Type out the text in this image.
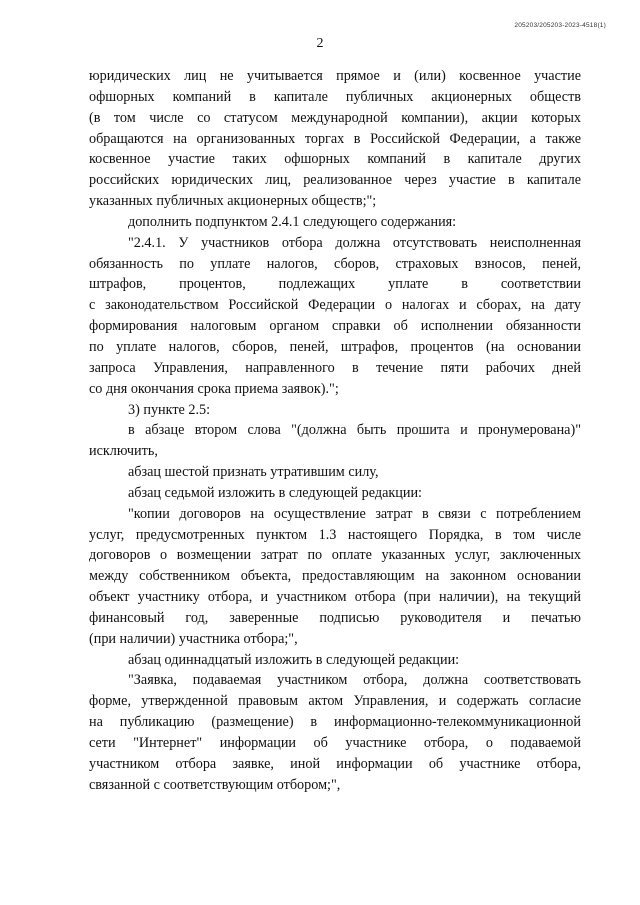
205203/205203-2023-4518(1)
2
юридических лиц не учитывается прямое и (или) косвенное участие
офшорных компаний в капитале публичных акционерных обществ
(в том числе со статусом международной компании), акции которых
обращаются на организованных торгах в Российской Федерации, а также
косвенное участие таких офшорных компаний в капитале других
российских юридических лиц, реализованное через участие в капитале
указанных публичных акционерных обществ;";
дополнить подпунктом 2.4.1 следующего содержания:
"2.4.1. У участников отбора должна отсутствовать неисполненная
обязанность по уплате налогов, сборов, страховых взносов, пеней,
штрафов, процентов, подлежащих уплате в соответствии
с законодательством Российской Федерации о налогах и сборах, на дату
формирования налоговым органом справки об исполнении обязанности
по уплате налогов, сборов, пеней, штрафов, процентов (на основании
запроса Управления, направленного в течение пяти рабочих дней
со дня окончания срока приема заявок).";
3) пункте 2.5:
в абзаце втором слова "(должна быть прошита и пронумерована)"
исключить,
абзац шестой признать утратившим силу,
абзац седьмой изложить в следующей редакции:
"копии договоров на осуществление затрат в связи с потреблением
услуг, предусмотренных пунктом 1.3 настоящего Порядка, в том числе
договоров о возмещении затрат по оплате указанных услуг, заключенных
между собственником объекта, предоставляющим на законном основании
объект участнику отбора, и участником отбора (при наличии), на текущий
финансовый год, заверенные подписью руководителя и печатью
(при наличии) участника отбора;",
абзац одиннадцатый изложить в следующей редакции:
"Заявка, подаваемая участником отбора, должна соответствовать
форме, утвержденной правовым актом Управления, и содержать согласие
на публикацию (размещение) в информационно-телекоммуникационной
сети "Интернет" информации об участнике отбора, о подаваемой
участником отбора заявке, иной информации об участнике отбора,
связанной с соответствующим отбором;",
